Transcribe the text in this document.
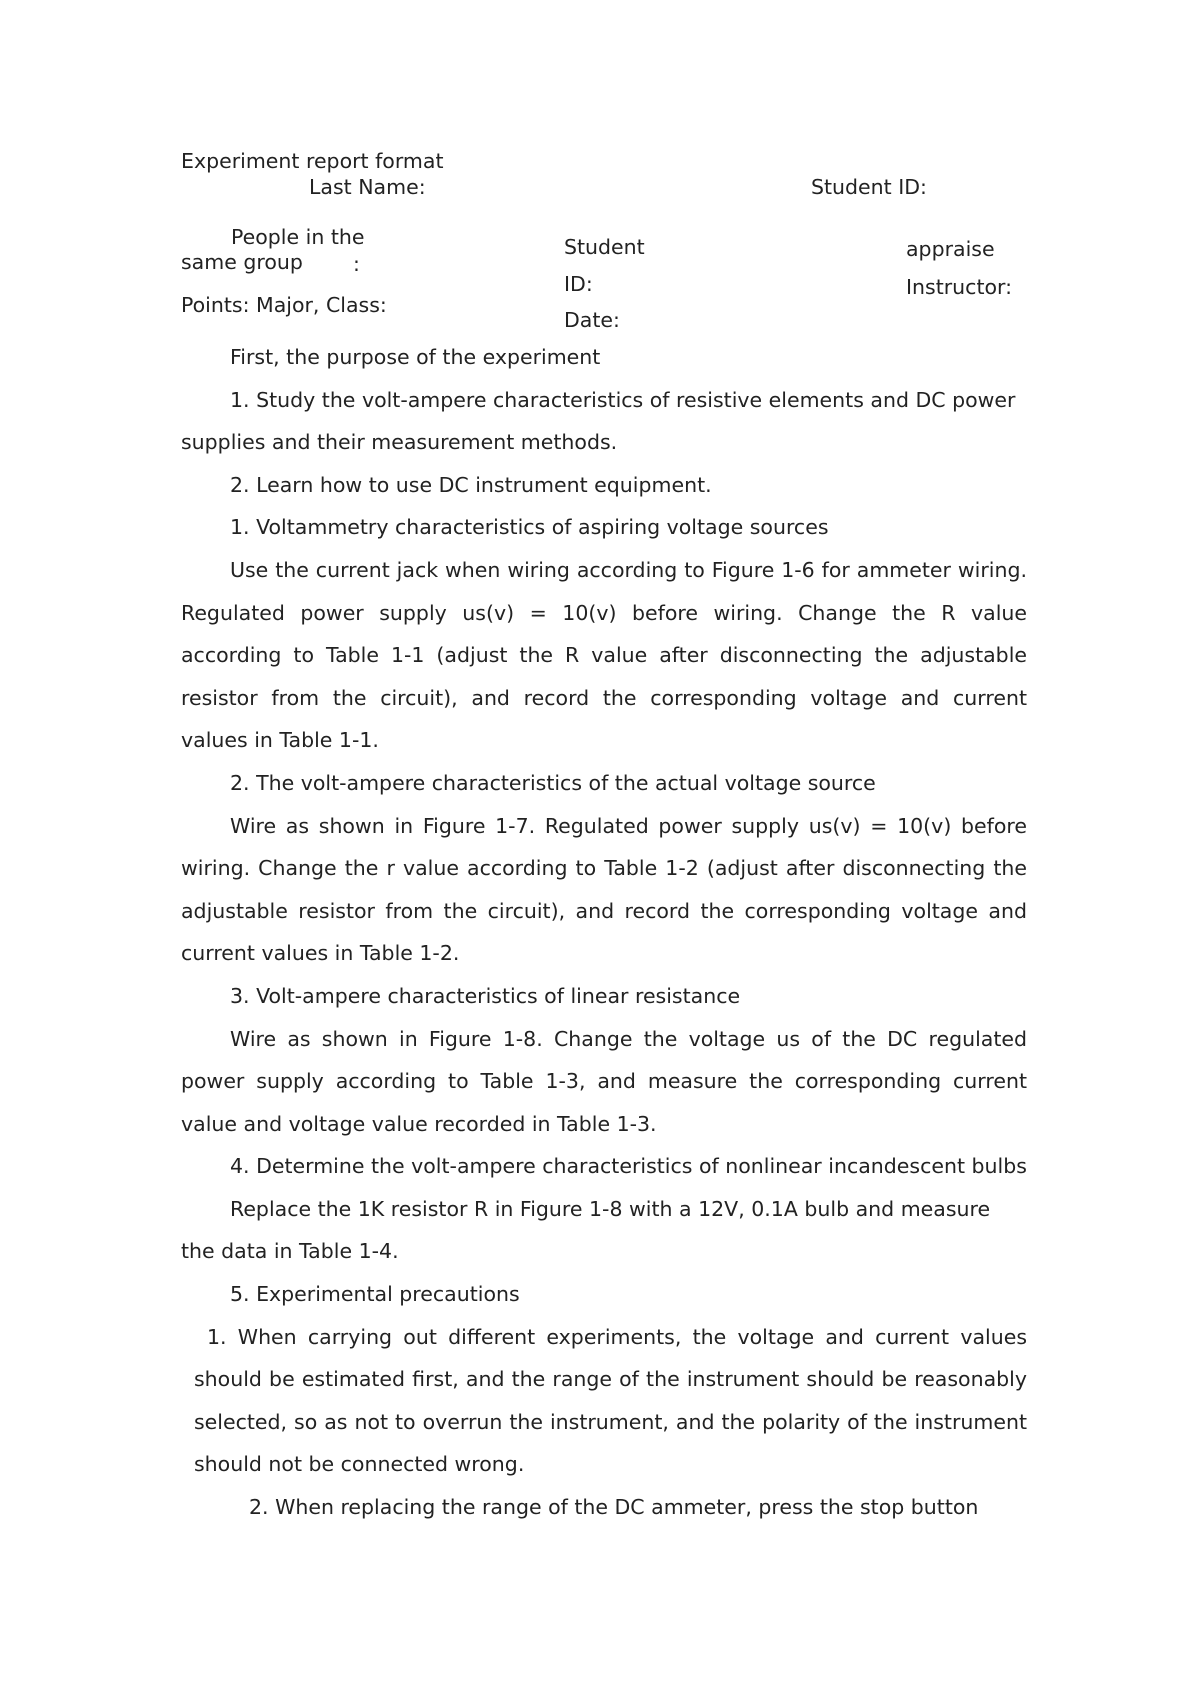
Experiment report format
Last Name:	Student ID:
People in the
same group :
Points: Major, Class:
Student
ID:
Date:
appraise
Instructor:

First, the purpose of the experiment

1. Study the volt-ampere characteristics of resistive elements and DC power

supplies and their measurement methods.

2. Learn how to use DC instrument equipment.

1. Voltammetry characteristics of aspiring voltage sources

Use the current jack when wiring according to Figure 1-6 for ammeter wiring. Regulated power supply us(v) = 10(v) before wiring. Change the R value according to Table 1-1 (adjust the R value after disconnecting the adjustable resistor from the circuit), and record the corresponding voltage and current values in Table 1-1.

2. The volt-ampere characteristics of the actual voltage source

Wire as shown in Figure 1-7. Regulated power supply us(v) = 10(v) before wiring. Change the r value according to Table 1-2 (adjust after disconnecting the adjustable resistor from the circuit), and record the corresponding voltage and current values in Table 1-2.

3. Volt-ampere characteristics of linear resistance

Wire as shown in Figure 1-8. Change the voltage us of the DC regulated power supply according to Table 1-3, and measure the corresponding current value and voltage value recorded in Table 1-3.

4. Determine the volt-ampere characteristics of nonlinear incandescent bulbs

Replace the 1K resistor R in Figure 1-8 with a 12V, 0.1A bulb and measure

the data in Table 1-4.

5. Experimental precautions

1. When carrying out different experiments, the voltage and current values should be estimated first, and the range of the instrument should be reasonably selected, so as not to overrun the instrument, and the polarity of the instrument should not be connected wrong.

2. When replacing the range of the DC ammeter, press the stop button
